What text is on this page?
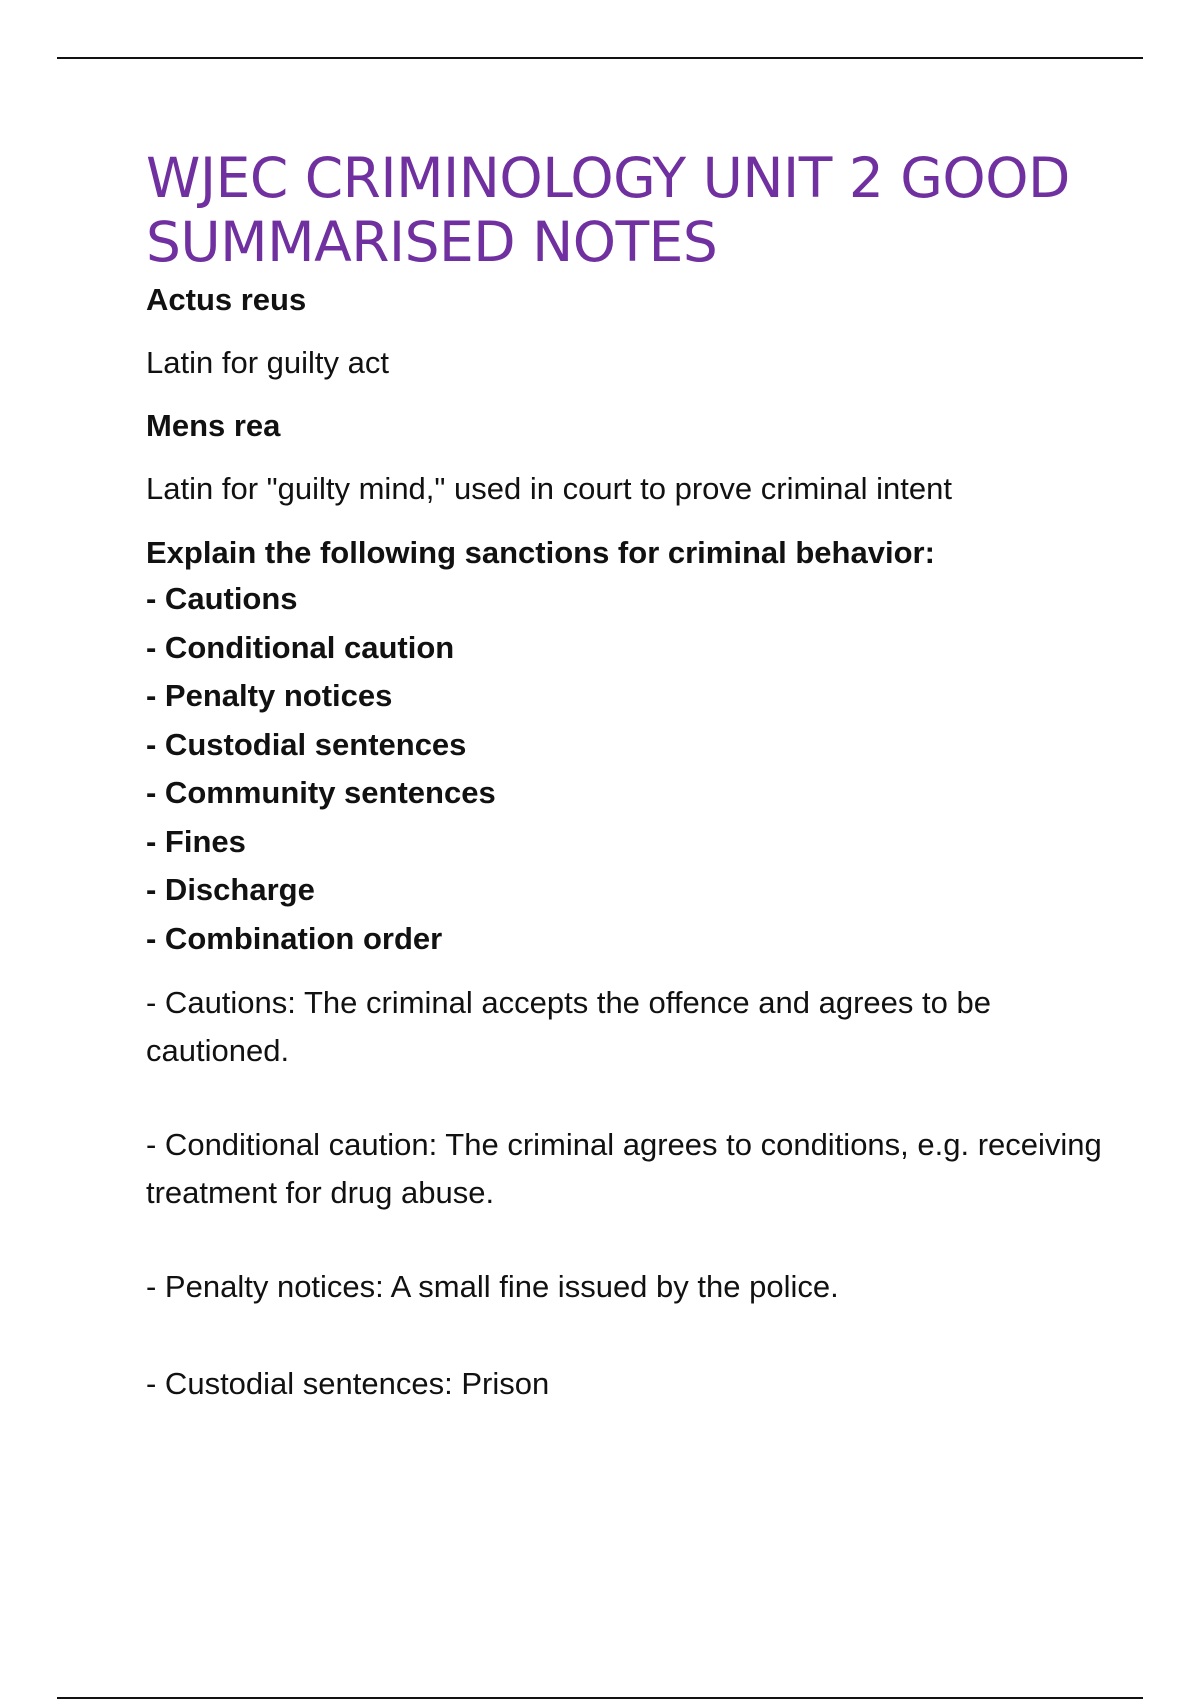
WJEC CRIMINOLOGY UNIT 2 GOOD SUMMARISED NOTES

Actus reus

Latin for guilty act

Mens rea

Latin for "guilty mind," used in court to prove criminal intent

Explain the following sanctions for criminal behavior:

- Cautions
- Conditional caution
- Penalty notices
- Custodial sentences
- Community sentences
- Fines
- Discharge
- Combination order

- Cautions: The criminal accepts the offence and agrees to be cautioned.

- Conditional caution: The criminal agrees to conditions, e.g. receiving treatment for drug abuse.

- Penalty notices: A small fine issued by the police.

- Custodial sentences: Prison
